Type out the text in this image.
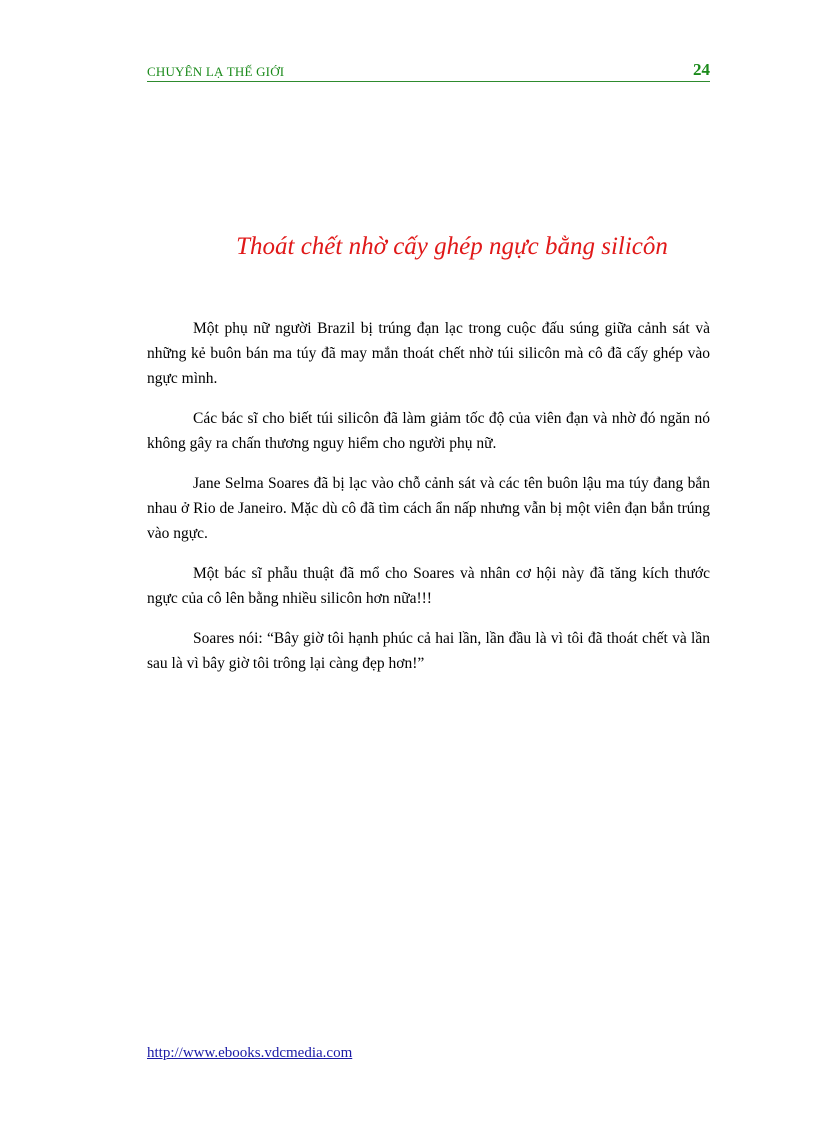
CHUYÊN LẠ THẾ GIỚI	24
Thoát chết nhờ cấy ghép ngực bằng silicôn

Một phụ nữ người Brazil bị trúng đạn lạc trong cuộc đấu súng giữa cảnh sát và những kẻ buôn bán ma túy đã may mắn thoát chết nhờ túi silicôn mà cô đã cấy ghép vào ngực mình.

Các bác sĩ cho biết túi silicôn đã làm giảm tốc độ của viên đạn và nhờ đó ngăn nó không gây ra chấn thương nguy hiểm cho người phụ nữ.

Jane Selma Soares đã bị lạc vào chỗ cảnh sát và các tên buôn lậu ma túy đang bắn nhau ở Rio de Janeiro. Mặc dù cô đã tìm cách ẩn nấp nhưng vẫn bị một viên đạn bắn trúng vào ngực.

Một bác sĩ phẫu thuật đã mổ cho Soares và nhân cơ hội này đã tăng kích thước ngực của cô lên bằng nhiều silicôn hơn nữa!!!

Soares nói: “Bây giờ tôi hạnh phúc cả hai lần, lần đầu là vì tôi đã thoát chết và lần sau là vì bây giờ tôi trông lại càng đẹp hơn!”

http://www.ebooks.vdcmedia.com
